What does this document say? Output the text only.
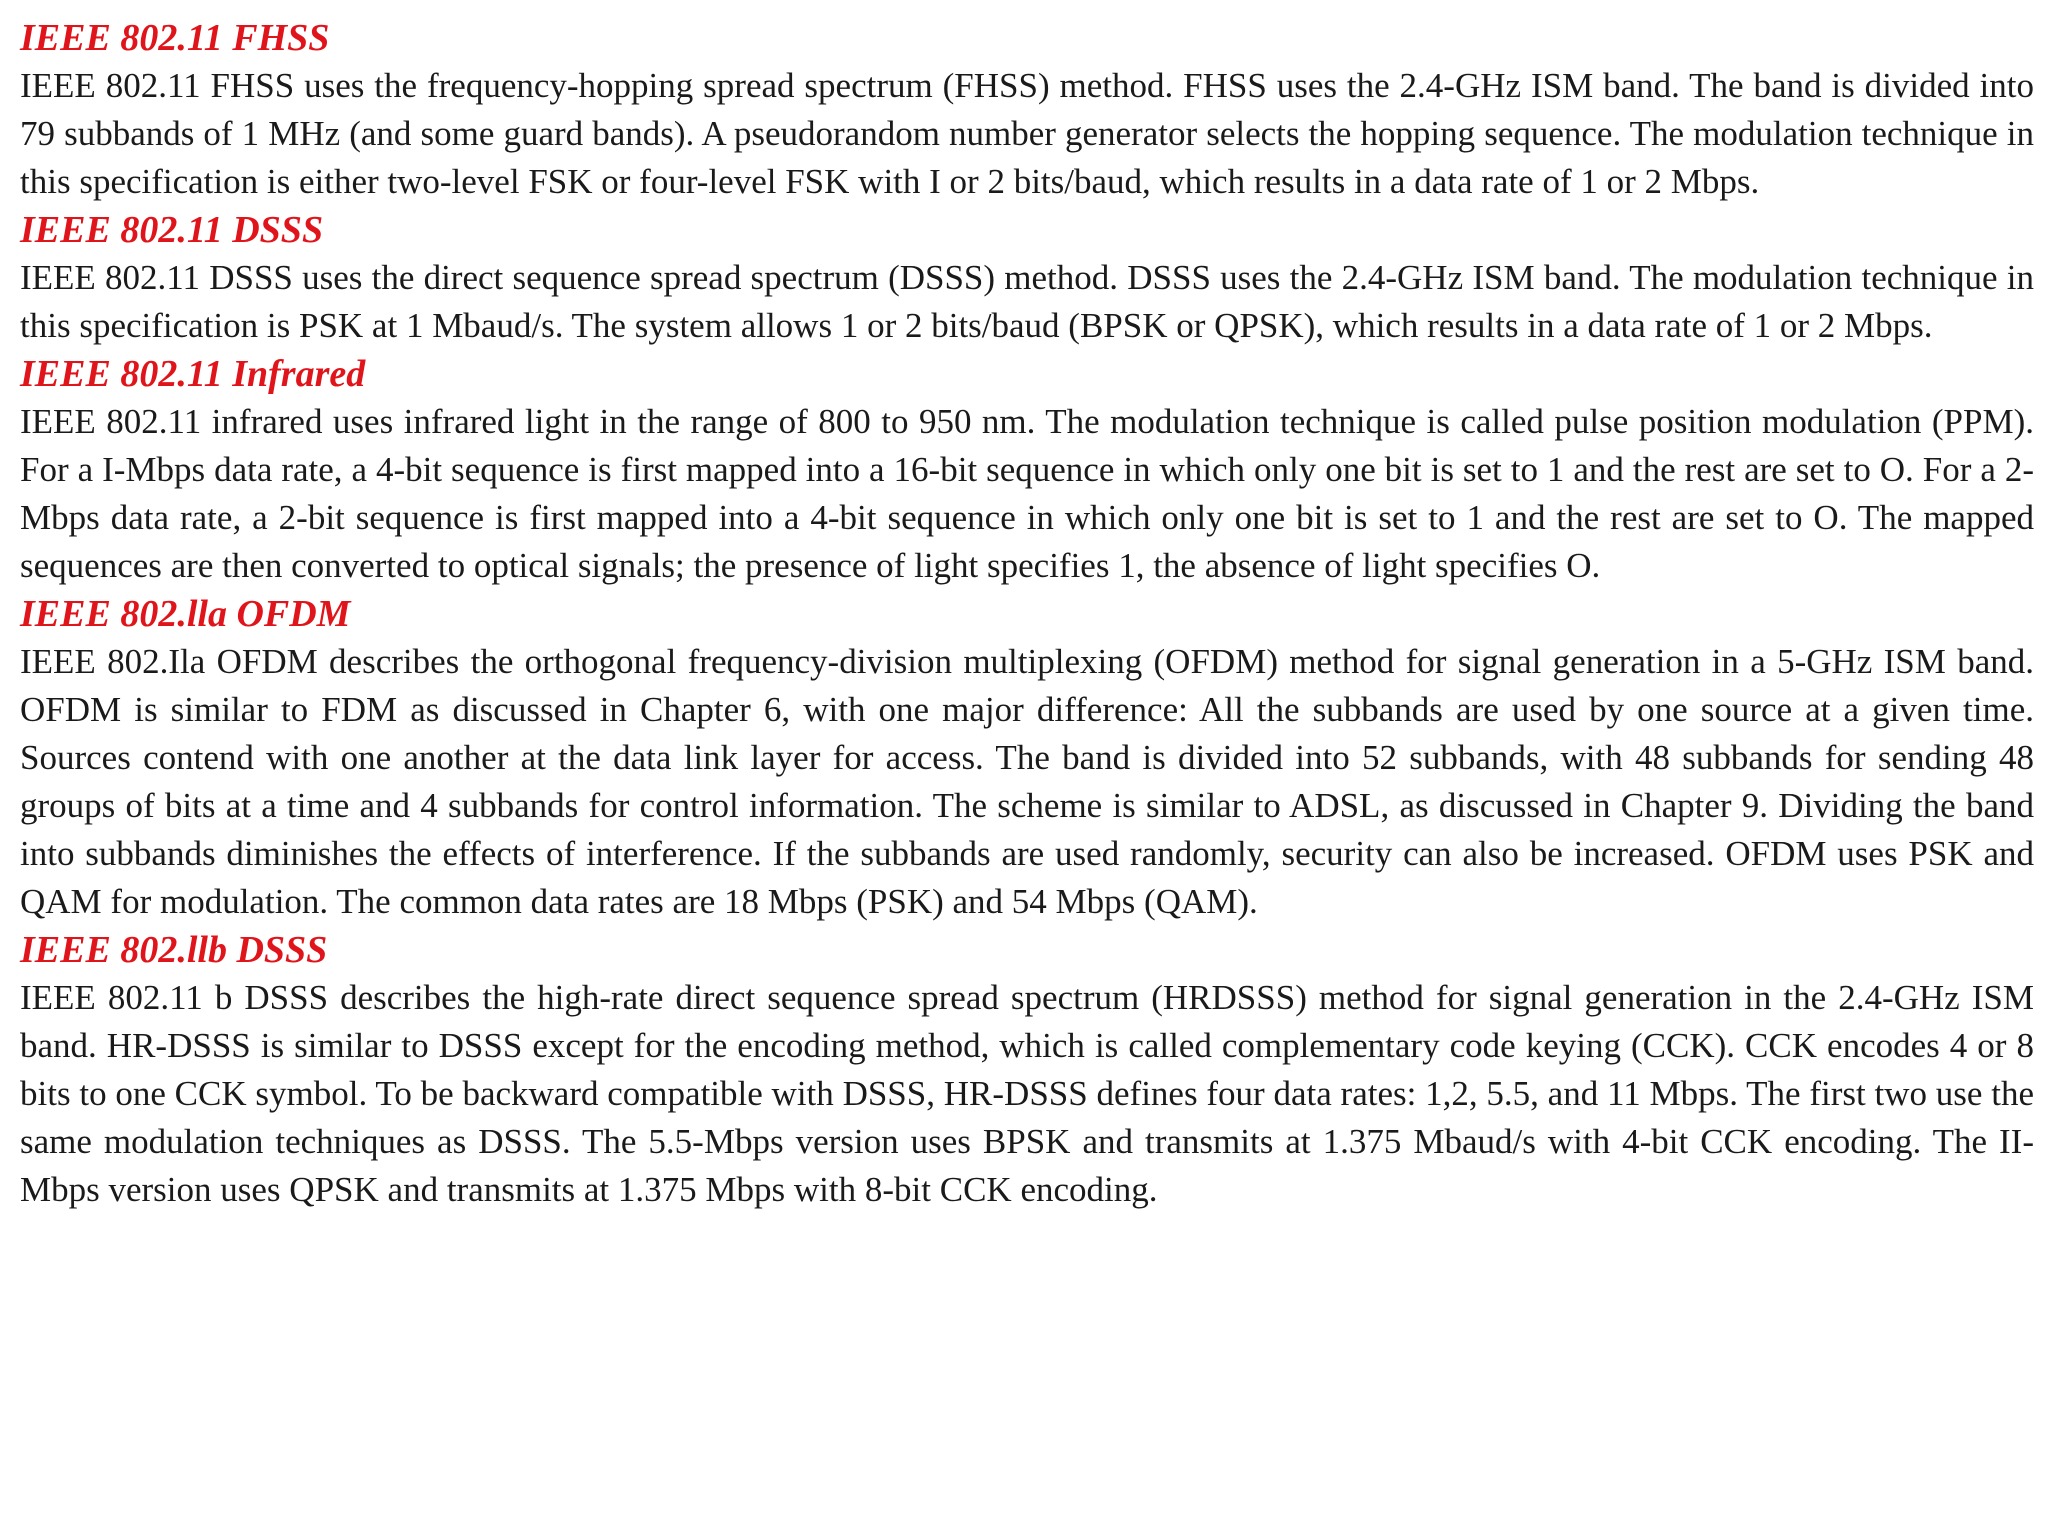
IEEE 802.11 FHSS

IEEE 802.11 FHSS uses the frequency-hopping spread spectrum (FHSS) method. FHSS uses the 2.4-GHz ISM band. The band is divided into 79 subbands of 1 MHz (and some guard bands). A pseudorandom number generator selects the hopping sequence. The modulation technique in this specification is either two-level FSK or four-level FSK with I or 2 bits/baud, which results in a data rate of 1 or 2 Mbps.

IEEE 802.11 DSSS

IEEE 802.11 DSSS uses the direct sequence spread spectrum (DSSS) method. DSSS uses the 2.4-GHz ISM band. The modulation technique in this specification is PSK at 1 Mbaud/s. The system allows 1 or 2 bits/baud (BPSK or QPSK), which results in a data rate of 1 or 2 Mbps.

IEEE 802.11 Infrared

IEEE 802.11 infrared uses infrared light in the range of 800 to 950 nm. The modulation technique is called pulse position modulation (PPM). For a I-Mbps data rate, a 4-bit sequence is first mapped into a 16-bit sequence in which only one bit is set to 1 and the rest are set to O. For a 2-Mbps data rate, a 2-bit sequence is first mapped into a 4-bit sequence in which only one bit is set to 1 and the rest are set to O. The mapped sequences are then converted to optical signals; the presence of light specifies 1, the absence of light specifies O.

IEEE 802.lla OFDM

IEEE 802.Ila OFDM describes the orthogonal frequency-division multiplexing (OFDM) method for signal generation in a 5-GHz ISM band. OFDM is similar to FDM as discussed in Chapter 6, with one major difference: All the subbands are used by one source at a given time. Sources contend with one another at the data link layer for access. The band is divided into 52 subbands, with 48 subbands for sending 48 groups of bits at a time and 4 subbands for control information. The scheme is similar to ADSL, as discussed in Chapter 9. Dividing the band into subbands diminishes the effects of interference. If the subbands are used randomly, security can also be increased. OFDM uses PSK and QAM for modulation. The common data rates are 18 Mbps (PSK) and 54 Mbps (QAM).

IEEE 802.llb DSSS

IEEE 802.11 b DSSS describes the high-rate direct sequence spread spectrum (HRDSSS) method for signal generation in the 2.4-GHz ISM band. HR-DSSS is similar to DSSS except for the encoding method, which is called complementary code keying (CCK). CCK encodes 4 or 8 bits to one CCK symbol. To be backward compatible with DSSS, HR-DSSS defines four data rates: 1,2, 5.5, and 11 Mbps. The first two use the same modulation techniques as DSSS. The 5.5-Mbps version uses BPSK and transmits at 1.375 Mbaud/s with 4-bit CCK encoding. The II-Mbps version uses QPSK and transmits at 1.375 Mbps with 8-bit CCK encoding.
